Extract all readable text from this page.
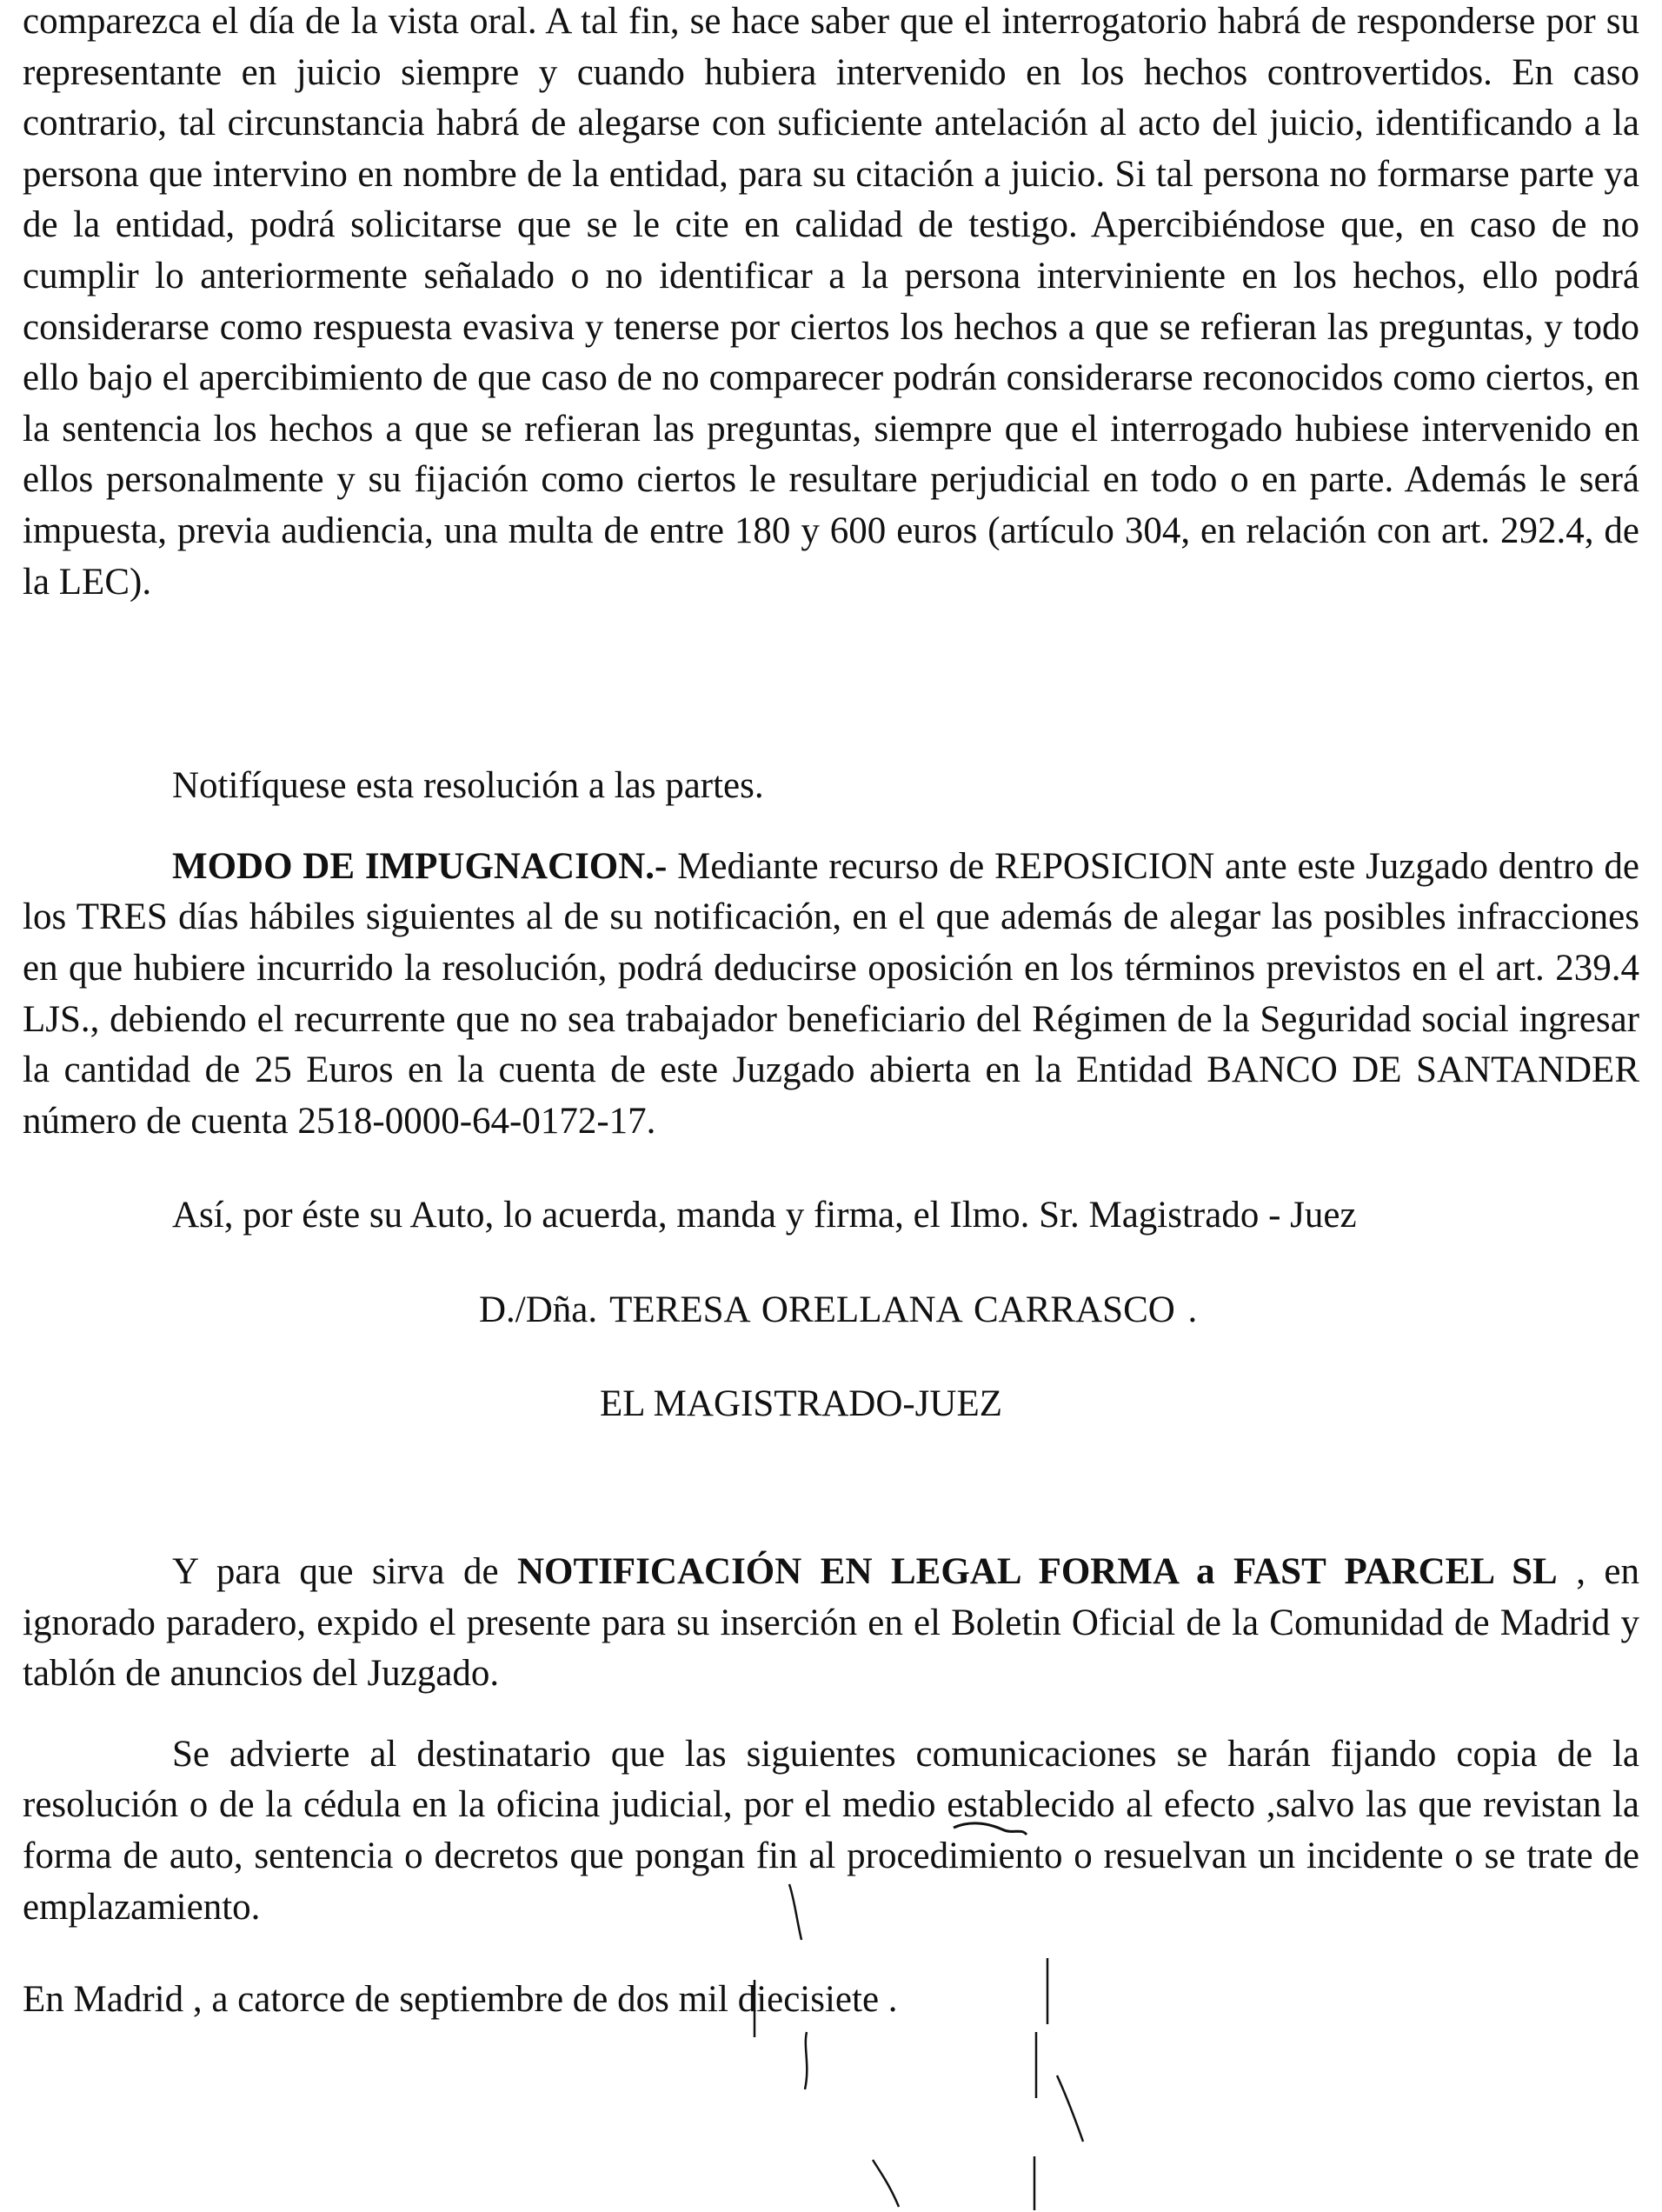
comparezca el día de la vista oral. A tal fin, se hace saber que el interrogatorio habrá de responderse por su representante en juicio siempre y cuando hubiera intervenido en los hechos controvertidos. En caso contrario, tal circunstancia habrá de alegarse con suficiente antelación al acto del juicio, identificando a la persona que intervino en nombre de la entidad, para su citación a juicio. Si tal persona no formarse parte ya de la entidad, podrá solicitarse que se le cite en calidad de testigo. Apercibiéndose que, en caso de no cumplir lo anteriormente señalado o no identificar a la persona interviniente en los hechos, ello podrá considerarse como respuesta evasiva y tenerse por ciertos los hechos a que se refieran las preguntas, y todo ello bajo el apercibimiento de que caso de no comparecer podrán considerarse reconocidos como ciertos, en la sentencia los hechos a que se refieran las preguntas, siempre que el interrogado hubiese intervenido en ellos personalmente y su fijación como ciertos le resultare perjudicial en todo o en parte. Además le será impuesta, previa audiencia, una multa de entre 180 y 600 euros (artículo 304, en relación con art. 292.4, de la LEC).

Notifíquese esta resolución a las partes.

MODO DE IMPUGNACION.- Mediante recurso de REPOSICION ante este Juzgado dentro de los TRES días hábiles siguientes al de su notificación, en el que además de alegar las posibles infracciones en que hubiere incurrido la resolución, podrá deducirse oposición en los términos previstos en el art. 239.4 LJS., debiendo el recurrente que no sea trabajador beneficiario del Régimen de la Seguridad social ingresar la cantidad de 25 Euros en la cuenta de este Juzgado abierta en la Entidad BANCO DE SANTANDER número de cuenta 2518-0000-64-0172-17.

Así, por éste su Auto, lo acuerda, manda y firma, el Ilmo. Sr. Magistrado - Juez

D./Dña. TERESA ORELLANA CARRASCO .

EL MAGISTRADO-JUEZ

Y para que sirva de NOTIFICACIÓN EN LEGAL FORMA a FAST PARCEL SL , en ignorado paradero, expido el presente para su inserción en el Boletin Oficial de la Comunidad de Madrid y tablón de anuncios del Juzgado.

Se advierte al destinatario que las siguientes comunicaciones se harán fijando copia de la resolución o de la cédula en la oficina judicial, por el medio establecido al efecto ,salvo las que revistan la forma de auto, sentencia o decretos que pongan fin al procedimiento o resuelvan un incidente o se trate de emplazamiento.

En Madrid , a catorce de septiembre de dos mil diecisiete .
